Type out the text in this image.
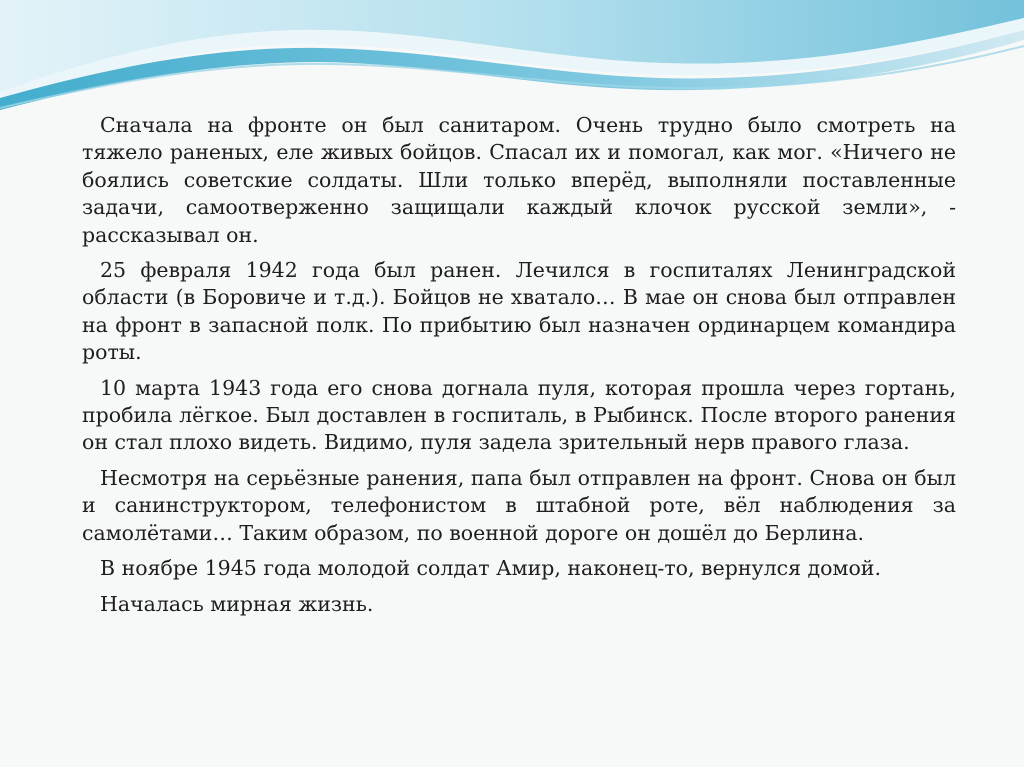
Сначала на фронте он был санитаром. Очень трудно было смотреть на тяжело раненых, еле живых бойцов. Спасал их и помогал, как мог. «Ничего не боялись советские солдаты. Шли только вперёд, выполняли поставленные задачи, самоотверженно защищали каждый клочок русской земли», - рассказывал он.

25 февраля 1942 года был ранен. Лечился в госпиталях Ленинградской области (в Боровиче и т.д.). Бойцов не хватало… В мае он снова был отправлен на фронт в запасной полк. По прибытию был назначен ординарцем командира роты.

10 марта 1943 года его снова догнала пуля, которая прошла через гортань, пробила лёгкое. Был доставлен в госпиталь, в Рыбинск. После второго ранения он стал плохо видеть. Видимо, пуля задела зрительный нерв правого глаза.

Несмотря на серьёзные ранения, папа был отправлен на фронт. Снова он был и санинструктором, телефонистом в штабной роте, вёл наблюдения за самолётами… Таким образом, по военной дороге он дошёл до Берлина.

В ноябре 1945 года молодой солдат Амир, наконец-то, вернулся домой.

Началась мирная жизнь.
